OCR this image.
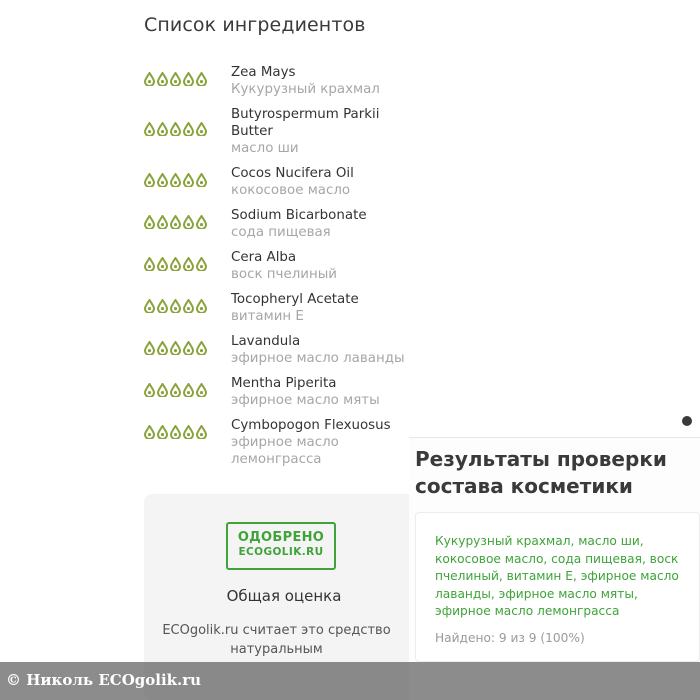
Список ингредиентов
Zea Mays
Кукурузный крахмал
Butyrospermum Parkii Butter
масло ши
Cocos Nucifera Oil
кокосовое масло
Sodium Bicarbonate
сода пищевая
Cera Alba
воск пчелиный
Tocopheryl Acetate
витамин Е
Lavandula
эфирное масло лаванды
Mentha Piperita
эфирное масло мяты
Cymbopogon Flexuosus
эфирное масло лемонграсса
ОДОБРЕНО
ECOGOLIK.RU
Общая оценка
ECOgolik.ru считает это средство натуральным
Результаты проверки состава косметики
Кукурузный крахмал, масло ши, кокосовое масло, сода пищевая, воск пчелиный, витамин Е, эфирное масло лаванды, эфирное масло мяты, эфирное масло лемонграсса
Найдено: 9 из 9 (100%)
© Николь ECOgolik.ru
